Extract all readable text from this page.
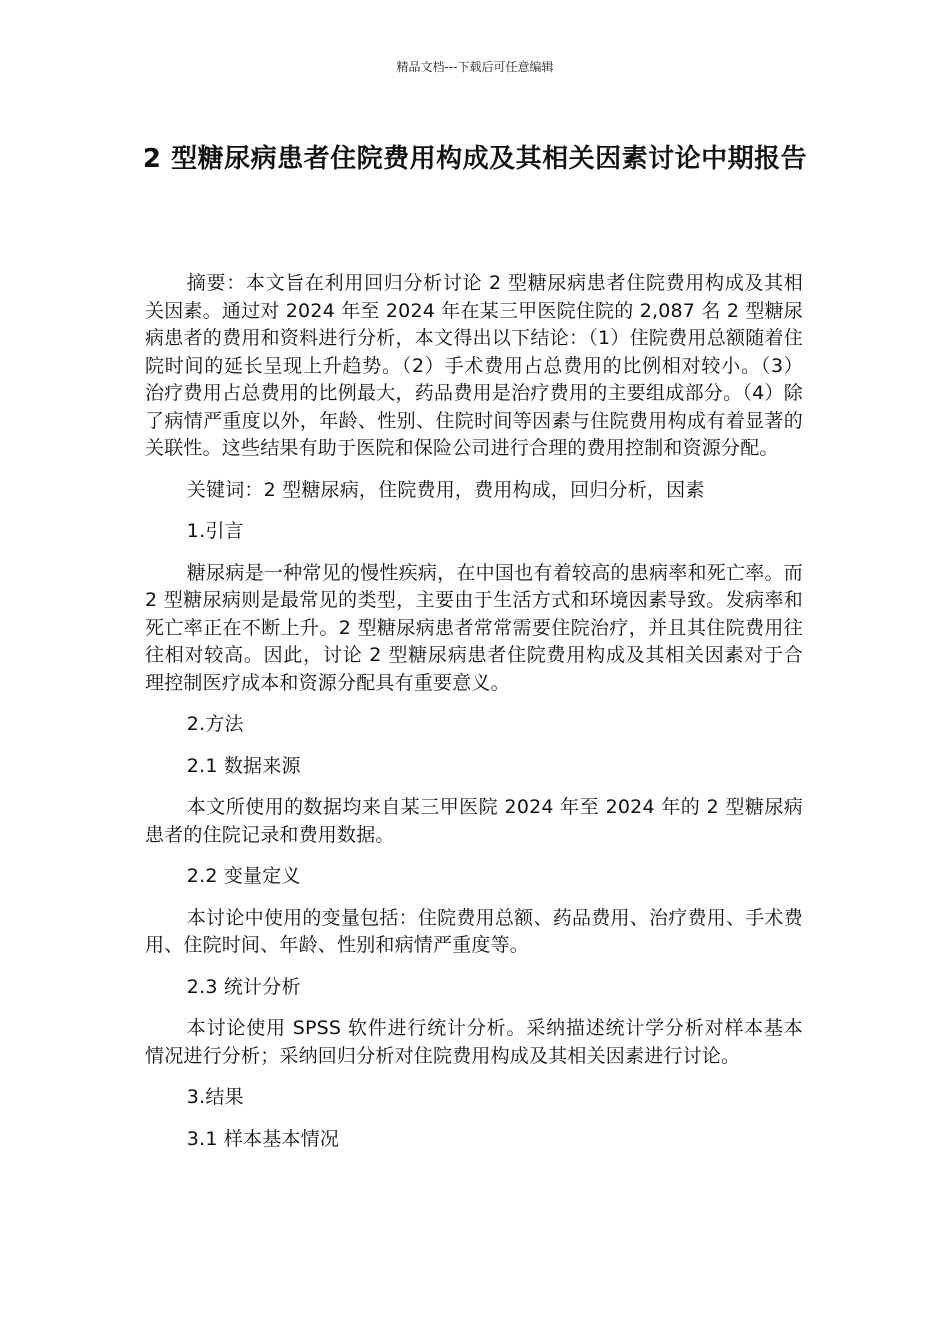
精品文档---下载后可任意编辑
2 型糖尿病患者住院费用构成及其相关因素讨论中期报告

摘要：本文旨在利用回归分析讨论 2 型糖尿病患者住院费用构成及其相关因素。通过对 2024 年至 2024 年在某三甲医院住院的 2,087 名 2 型糖尿病患者的费用和资料进行分析，本文得出以下结论：（1）住院费用总额随着住院时间的延长呈现上升趋势。（2）手术费用占总费用的比例相对较小。（3）治疗费用占总费用的比例最大，药品费用是治疗费用的主要组成部分。（4）除了病情严重度以外，年龄、性别、住院时间等因素与住院费用构成有着显著的关联性。这些结果有助于医院和保险公司进行合理的费用控制和资源分配。

关键词：2 型糖尿病，住院费用，费用构成，回归分析，因素

1.引言

糖尿病是一种常见的慢性疾病，在中国也有着较高的患病率和死亡率。而 2 型糖尿病则是最常见的类型，主要由于生活方式和环境因素导致。发病率和死亡率正在不断上升。2 型糖尿病患者常常需要住院治疗，并且其住院费用往往相对较高。因此，讨论 2 型糖尿病患者住院费用构成及其相关因素对于合理控制医疗成本和资源分配具有重要意义。

2.方法

2.1 数据来源

本文所使用的数据均来自某三甲医院 2024 年至 2024 年的 2 型糖尿病患者的住院记录和费用数据。

2.2 变量定义

本讨论中使用的变量包括：住院费用总额、药品费用、治疗费用、手术费用、住院时间、年龄、性别和病情严重度等。

2.3 统计分析

本讨论使用 SPSS 软件进行统计分析。采纳描述统计学分析对样本基本情况进行分析；采纳回归分析对住院费用构成及其相关因素进行讨论。

3.结果

3.1 样本基本情况
